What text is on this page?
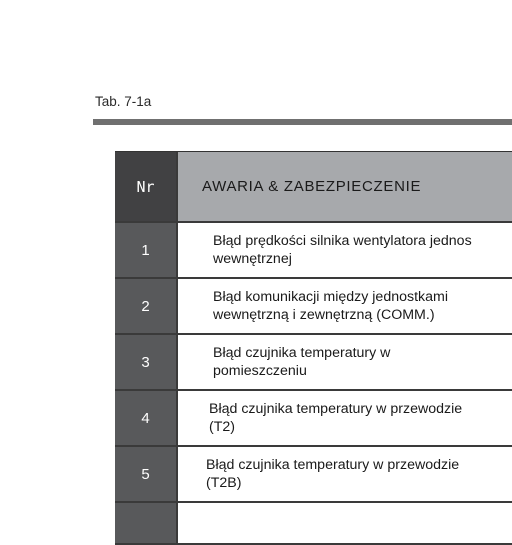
Tab. 7-1a
Nr	AWARIA & ZABEZPIECZENIE
1
Błąd prędkości silnika wentylatora jednos
wewnętrznej
2
Błąd komunikacji między jednostkami
wewnętrzną i zewnętrzną (COMM.)
3
Błąd czujnika temperatury w
pomieszczeniu
4
Błąd czujnika temperatury w przewodzie
(T2)
5
Błąd czujnika temperatury w przewodzie
(T2B)
